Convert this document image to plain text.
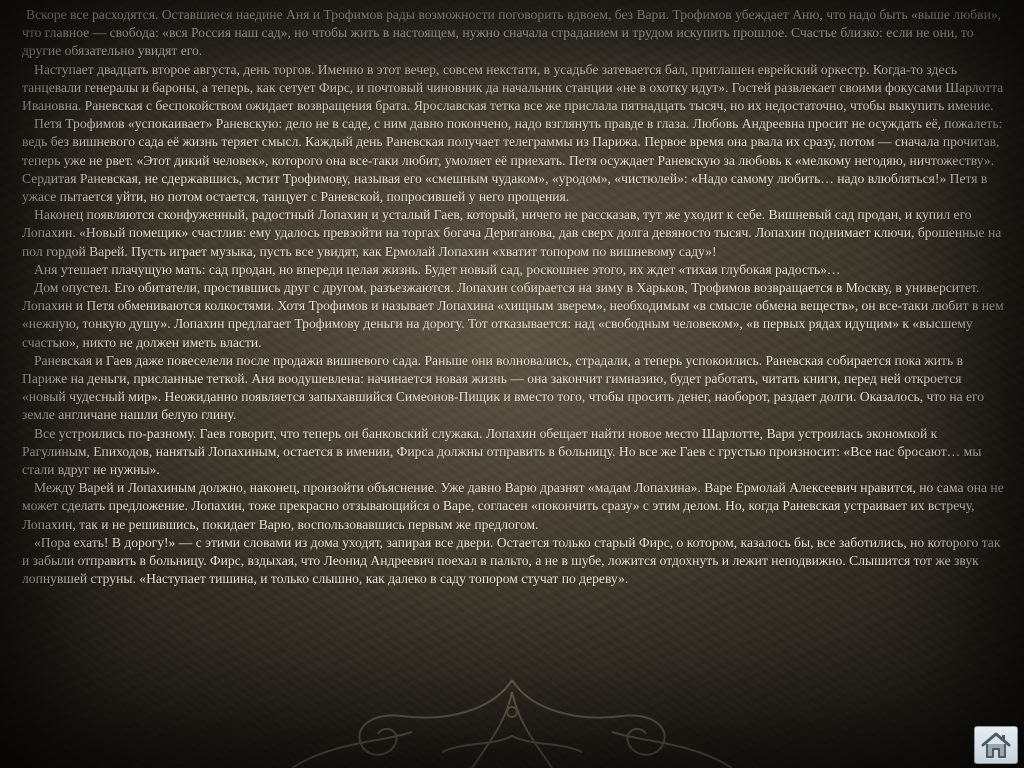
Вскоре все расходятся. Оставшиеся наедине Аня и Трофимов рады возможности поговорить вдвоем, без Вари. Трофимов убеждает Аню, что надо быть «выше любви», что главное — свобода: «вся Россия наш сад», но чтобы жить в настоящем, нужно сначала страданием и трудом искупить прошлое. Счастье близко: если не они, то другие обязательно увидят его.

Наступает двадцать второе августа, день торгов. Именно в этот вечер, совсем некстати, в усадьбе затевается бал, приглашен еврейский оркестр. Когда-то здесь танцевали генералы и бароны, а теперь, как сетует Фирс, и почтовый чиновник да начальник станции «не в охотку идут». Гостей развлекает своими фокусами Шарлотта Ивановна. Раневская с беспокойством ожидает возвращения брата. Ярославская тетка все же прислала пятнадцать тысяч, но их недостаточно, чтобы выкупить имение.

Петя Трофимов «успокаивает» Раневскую: дело не в саде, с ним давно покончено, надо взглянуть правде в глаза. Любовь Андреевна просит не осуждать её, пожалеть: ведь без вишневого сада её жизнь теряет смысл. Каждый день Раневская получает телеграммы из Парижа. Первое время она рвала их сразу, потом — сначала прочитав, теперь уже не рвет. «Этот дикий человек», которого она все-таки любит, умоляет её приехать. Петя осуждает Раневскую за любовь к «мелкому негодяю, ничтожеству». Сердитая Раневская, не сдержавшись, мстит Трофимову, называя его «смешным чудаком», «уродом», «чистюлей»: «Надо самому любить… надо влюбляться!» Петя в ужасе пытается уйти, но потом остается, танцует с Раневской, попросившей у него прощения.

Наконец появляются сконфуженный, радостный Лопахин и усталый Гаев, который, ничего не рассказав, тут же уходит к себе. Вишневый сад продан, и купил его Лопахин. «Новый помещик» счастлив: ему удалось превзойти на торгах богача Дериганова, дав сверх долга девяносто тысяч. Лопахин поднимает ключи, брошенные на пол гордой Варей. Пусть играет музыка, пусть все увидят, как Ермолай Лопахин «хватит топором по вишневому саду»!

Аня утешает плачущую мать: сад продан, но впереди целая жизнь. Будет новый сад, роскошнее этого, их ждет «тихая глубокая радость»…

Дом опустел. Его обитатели, простившись друг с другом, разъезжаются. Лопахин собирается на зиму в Харьков, Трофимов возвращается в Москву, в университет. Лопахин и Петя обмениваются колкостями. Хотя Трофимов и называет Лопахина «хищным зверем», необходимым «в смысле обмена веществ», он все-таки любит в нем «нежную, тонкую душу». Лопахин предлагает Трофимову деньги на дорогу. Тот отказывается: над «свободным человеком», «в первых рядах идущим» к «высшему счастью», никто не должен иметь власти.

Раневская и Гаев даже повеселели после продажи вишневого сада. Раньше они волновались, страдали, а теперь успокоились. Раневская собирается пока жить в Париже на деньги, присланные теткой. Аня воодушевлена: начинается новая жизнь — она закончит гимназию, будет работать, читать книги, перед ней откроется «новый чудесный мир». Неожиданно появляется запыхавшийся Симеонов-Пищик и вместо того, чтобы просить денег, наоборот, раздает долги. Оказалось, что на его земле англичане нашли белую глину.

Все устроились по-разному. Гаев говорит, что теперь он банковский служака. Лопахин обещает найти новое место Шарлотте, Варя устроилась экономкой к Рагулиным, Епиходов, нанятый Лопахиным, остается в имении, Фирса должны отправить в больницу. Но все же Гаев с грустью произносит: «Все нас бросают… мы стали вдруг не нужны».

Между Варей и Лопахиным должно, наконец, произойти объяснение. Уже давно Варю дразнят «мадам Лопахина». Варе Ермолай Алексеевич нравится, но сама она не может сделать предложение. Лопахин, тоже прекрасно отзывающийся о Варе, согласен «покончить сразу» с этим делом. Но, когда Раневская устраивает их встречу, Лопахин, так и не решившись, покидает Варю, воспользовавшись первым же предлогом.

«Пора ехать! В дорогу!» — с этими словами из дома уходят, запирая все двери. Остается только старый Фирс, о котором, казалось бы, все заботились, но которого так и забыли отправить в больницу. Фирс, вздыхая, что Леонид Андреевич поехал в пальто, а не в шубе, ложится отдохнуть и лежит неподвижно. Слышится тот же звук лопнувшей струны. «Наступает тишина, и только слышно, как далеко в саду топором стучат по дереву».
